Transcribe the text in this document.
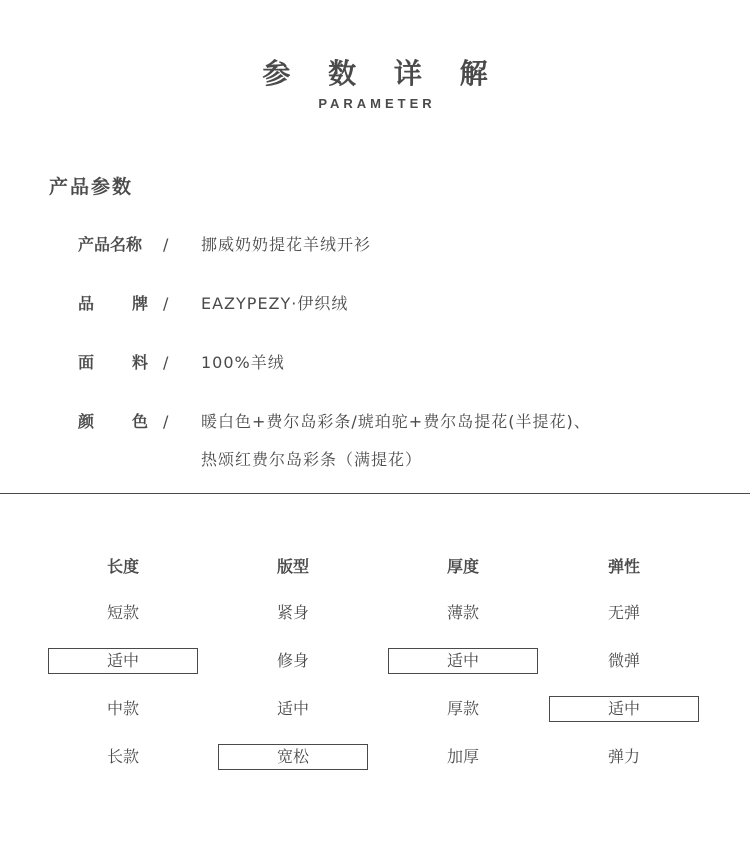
参 数 详 解
PARAMETER
产品参数
产品名称	/ 挪威奶奶提花羊绒开衫
品 牌 / EAZYPEZY·伊织绒
面 料 / 100%羊绒
颜 色 / 暖白色+费尔岛彩条/琥珀驼+费尔岛提花(半提花)、
热颂红费尔岛彩条（满提花）
长度
短款
适中
中款
长款
版型
紧身
修身
适中
宽松
厚度
薄款
适中
厚款
加厚
弹性
无弹
微弹
适中
弹力
